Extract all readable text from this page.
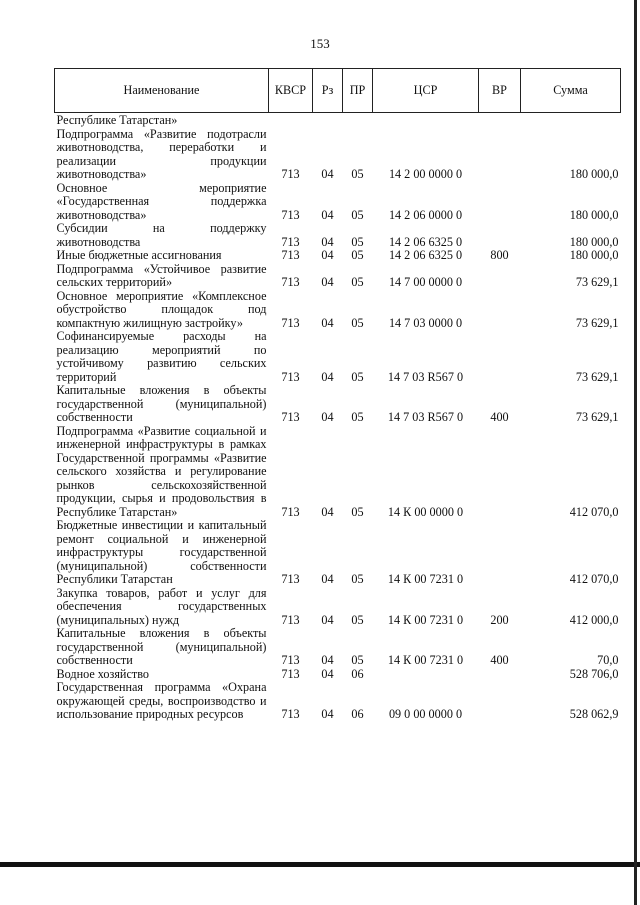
153
Наименование	КВСР	Рз	ПР	ЦСР	ВР	Сумма
Республике Татарстан»						
Подпрограмма «Развитие подотрасли животноводства, переработки и реализации продукции животноводства»	713	04	05	14 2 00 0000 0		180 000,0
Основное мероприятие «Государственная поддержка животноводства»	713	04	05	14 2 06 0000 0		180 000,0
Субсидии на поддержку животноводства	713	04	05	14 2 06 6325 0		180 000,0
Иные бюджетные ассигнования	713	04	05	14 2 06 6325 0	800	180 000,0
Подпрограмма «Устойчивое развитие сельских территорий»	713	04	05	14 7 00 0000 0		73 629,1
Основное мероприятие «Комплексное обустройство площадок под компактную жилищную застройку»	713	04	05	14 7 03 0000 0		73 629,1
Софинансируемые расходы на реализацию мероприятий по устойчивому развитию сельских территорий	713	04	05	14 7 03 R567 0		73 629,1
Капитальные вложения в объекты государственной (муниципальной) собственности	713	04	05	14 7 03 R567 0	400	73 629,1
Подпрограмма «Развитие социальной и инженерной инфраструктуры в рамках Государственной программы «Развитие сельского хозяйства и регулирование рынков сельскохозяйственной продукции, сырья и продовольствия в Республике Татарстан»	713	04	05	14 К 00 0000 0		412 070,0
Бюджетные инвестиции и капитальный ремонт социальной и инженерной инфраструктуры государственной (муниципальной) собственности Республики Татарстан	713	04	05	14 К 00 7231 0		412 070,0
Закупка товаров, работ и услуг для обеспечения государственных (муниципальных) нужд	713	04	05	14 К 00 7231 0	200	412 000,0
Капитальные вложения в объекты государственной (муниципальной) собственности	713	04	05	14 К 00 7231 0	400	70,0
Водное хозяйство	713	04	06			528 706,0
Государственная программа «Охрана окружающей среды, воспроизводство и использование природных ресурсов	713	04	06	09 0 00 0000 0		528 062,9
